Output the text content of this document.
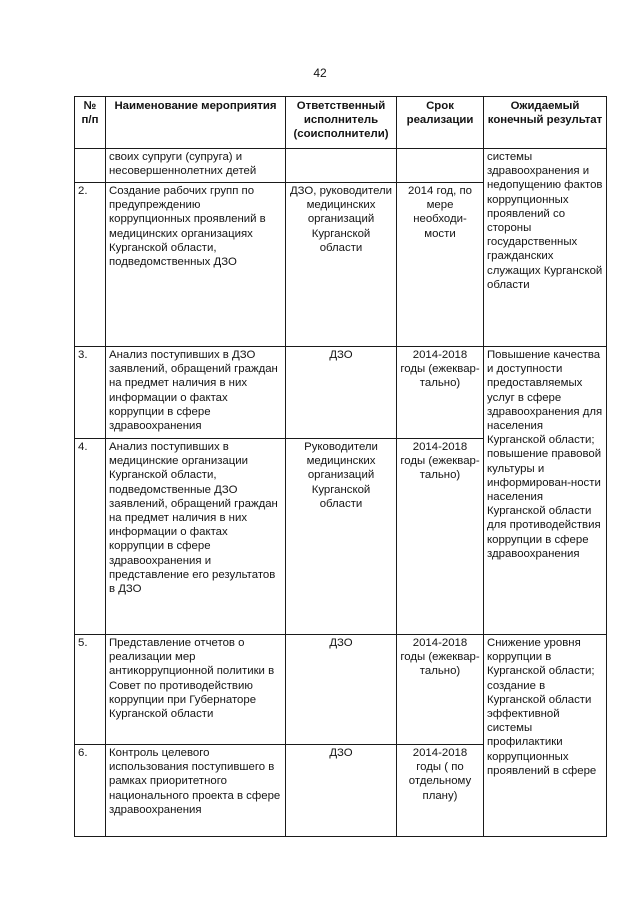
42
№ п/п	Наименование мероприятия	Ответственный исполнитель (соисполнители)	Срок реализации	Ожидаемый конечный результат
	своих супруги (супруга) и несовершеннолетних детей			системы здравоохранения и недопущению фактов коррупционных проявлений со стороны государственных гражданских служащих Курганской области
2.	Создание рабочих групп по предупреждению коррупционных проявлений в медицинских организациях Курганской области, подведомственных ДЗО	ДЗО, руководители медицинских организаций Курганской области	2014 год, по мере необходи-мости	
3.	Анализ поступивших в ДЗО заявлений, обращений граждан на предмет наличия в них информации о фактах коррупции в сфере здравоохранения	ДЗО	2014-2018 годы (ежеквар-тально)	Повышение качества и доступности предоставляемых услуг в сфере здравоохранения для населения Курганской области; повышение правовой культуры и информирован-ности населения Курганской области для противодействия коррупции в сфере здравоохранения
4.	Анализ поступивших в медицинские организации Курганской области, подведомственные ДЗО заявлений, обращений граждан на предмет наличия в них информации о фактах коррупции в сфере здравоохранения и представление его результатов в ДЗО	Руководители медицинских организаций Курганской области	2014-2018 годы (ежеквар-тально)	
5.	Представление отчетов о реализации мер антикоррупционной политики в Совет по противодействию коррупции при Губернаторе Курганской области	ДЗО	2014-2018 годы (ежеквар-тально)	Снижение уровня коррупции в Курганской области; создание в Курганской области эффективной системы профилактики коррупционных проявлений в сфере
6.	Контроль целевого использования поступившего в рамках приоритетного национального проекта в сфере здравоохранения	ДЗО	2014-2018 годы ( по отдельному плану)	
